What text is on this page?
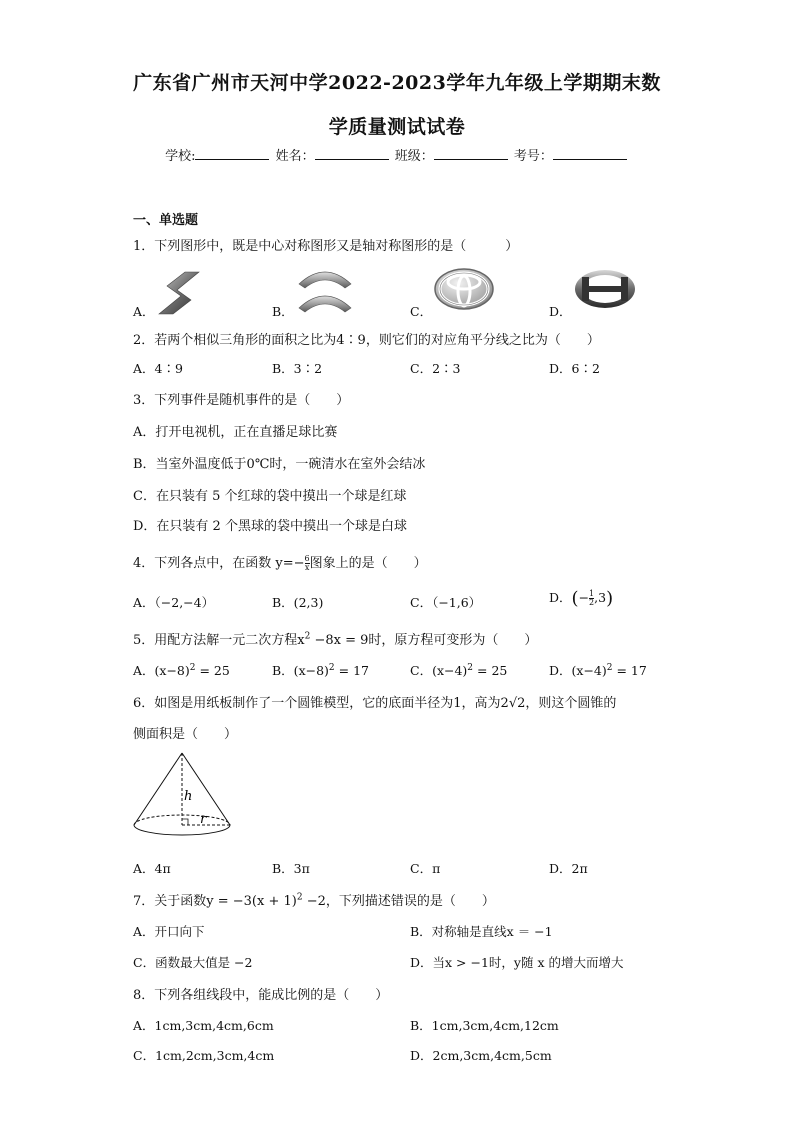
广东省广州市天河中学2022-2023学年九年级上学期期末数
学质量测试试卷
学校:	姓名：	班级：	考号：
一、单选题
1．下列图形中，既是中心对称图形又是轴对称图形的是（　　　）
A．	B．	C．	D．
2．若两个相似三角形的面积之比为4∶9，则它们的对应角平分线之比为（　　）
A．4∶9	B．3∶2	C．2∶3	D．6∶2
3．下列事件是随机事件的是（　　）
A．打开电视机，正在直播足球比赛
B．当室外温度低于0℃时，一碗清水在室外会结冰
C．在只装有 5 个红球的袋中摸出一个球是红球
D．在只装有 2 个黑球的袋中摸出一个球是白球
4．下列各点中，在函数 $y=- \frac{6}{x}$ 图象上的是（　　）
A．（−2,−4）	B．(2,3)	C．（−1,6）	D．(− $\frac{1}{2} ,3$)
5．用配方法解一元二次方程$x^2 -8x = 9$时，原方程可变形为（　　）
A．$(x-8)^2 = 25$	B．$(x-8)^2 = 17$	C．$(x-4)^2 = 25$	D．$(x-4)^2 = 17$
6．如图是用纸板制作了一个圆锥模型，它的底面半径为1，高为2√2，则这个圆锥的
侧面积是（　　）
h
r
A．4π	B．3π	C．π	D．2π
7．关于函数$y = -3(x + 1)^2 -2$，下列描述错误的是（　　）
A．开口向下	B．对称轴是直线x ＝ −1
C．函数最大值是 −2	D．当x > −1时，y随 x 的增大而增大
8．下列各组线段中，能成比例的是（　　）
A．1cm,3cm,4cm,6cm	B．1cm,3cm,4cm,12cm
C．1cm,2cm,3cm,4cm	D．2cm,3cm,4cm,5cm
